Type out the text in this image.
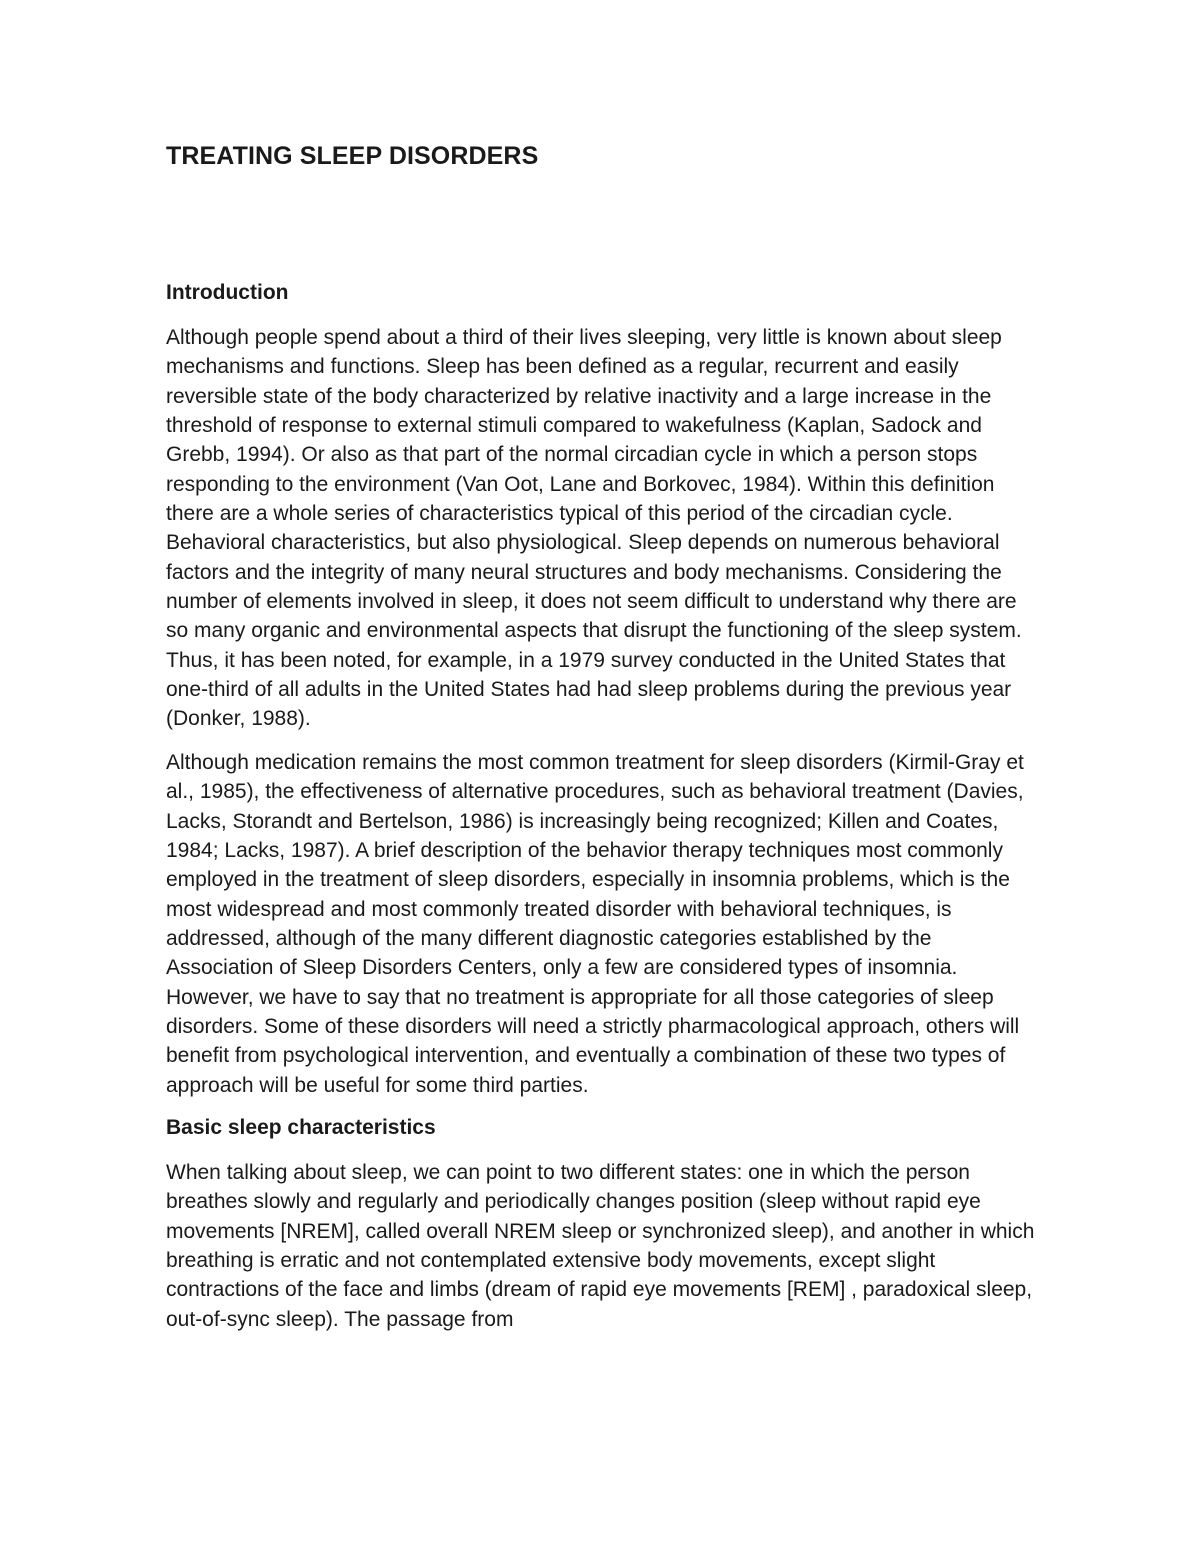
TREATING SLEEP DISORDERS
Introduction

Although people spend about a third of their lives sleeping, very little is known about sleep mechanisms and functions. Sleep has been defined as a regular, recurrent and easily reversible state of the body characterized by relative inactivity and a large increase in the threshold of response to external stimuli compared to wakefulness (Kaplan, Sadock and Grebb, 1994). Or also as that part of the normal circadian cycle in which a person stops responding to the environment (Van Oot, Lane and Borkovec, 1984). Within this definition there are a whole series of characteristics typical of this period of the circadian cycle. Behavioral characteristics, but also physiological. Sleep depends on numerous behavioral factors and the integrity of many neural structures and body mechanisms. Considering the number of elements involved in sleep, it does not seem difficult to understand why there are so many organic and environmental aspects that disrupt the functioning of the sleep system. Thus, it has been noted, for example, in a 1979 survey conducted in the United States that one-third of all adults in the United States had had sleep problems during the previous year (Donker, 1988).

Although medication remains the most common treatment for sleep disorders (Kirmil-Gray et al., 1985), the effectiveness of alternative procedures, such as behavioral treatment (Davies, Lacks, Storandt and Bertelson, 1986) is increasingly being recognized; Killen and Coates, 1984; Lacks, 1987). A brief description of the behavior therapy techniques most commonly employed in the treatment of sleep disorders, especially in insomnia problems, which is the most widespread and most commonly treated disorder with behavioral techniques, is addressed, although of the many different diagnostic categories established by the Association of Sleep Disorders Centers, only a few are considered types of insomnia. However, we have to say that no treatment is appropriate for all those categories of sleep disorders. Some of these disorders will need a strictly pharmacological approach, others will benefit from psychological intervention, and eventually a combination of these two types of approach will be useful for some third parties.

Basic sleep characteristics

When talking about sleep, we can point to two different states: one in which the person breathes slowly and regularly and periodically changes position (sleep without rapid eye movements [NREM], called overall NREM sleep or synchronized sleep), and another in which breathing is erratic and not contemplated extensive body movements, except slight contractions of the face and limbs (dream of rapid eye movements [REM] , paradoxical sleep, out-of-sync sleep). The passage from
